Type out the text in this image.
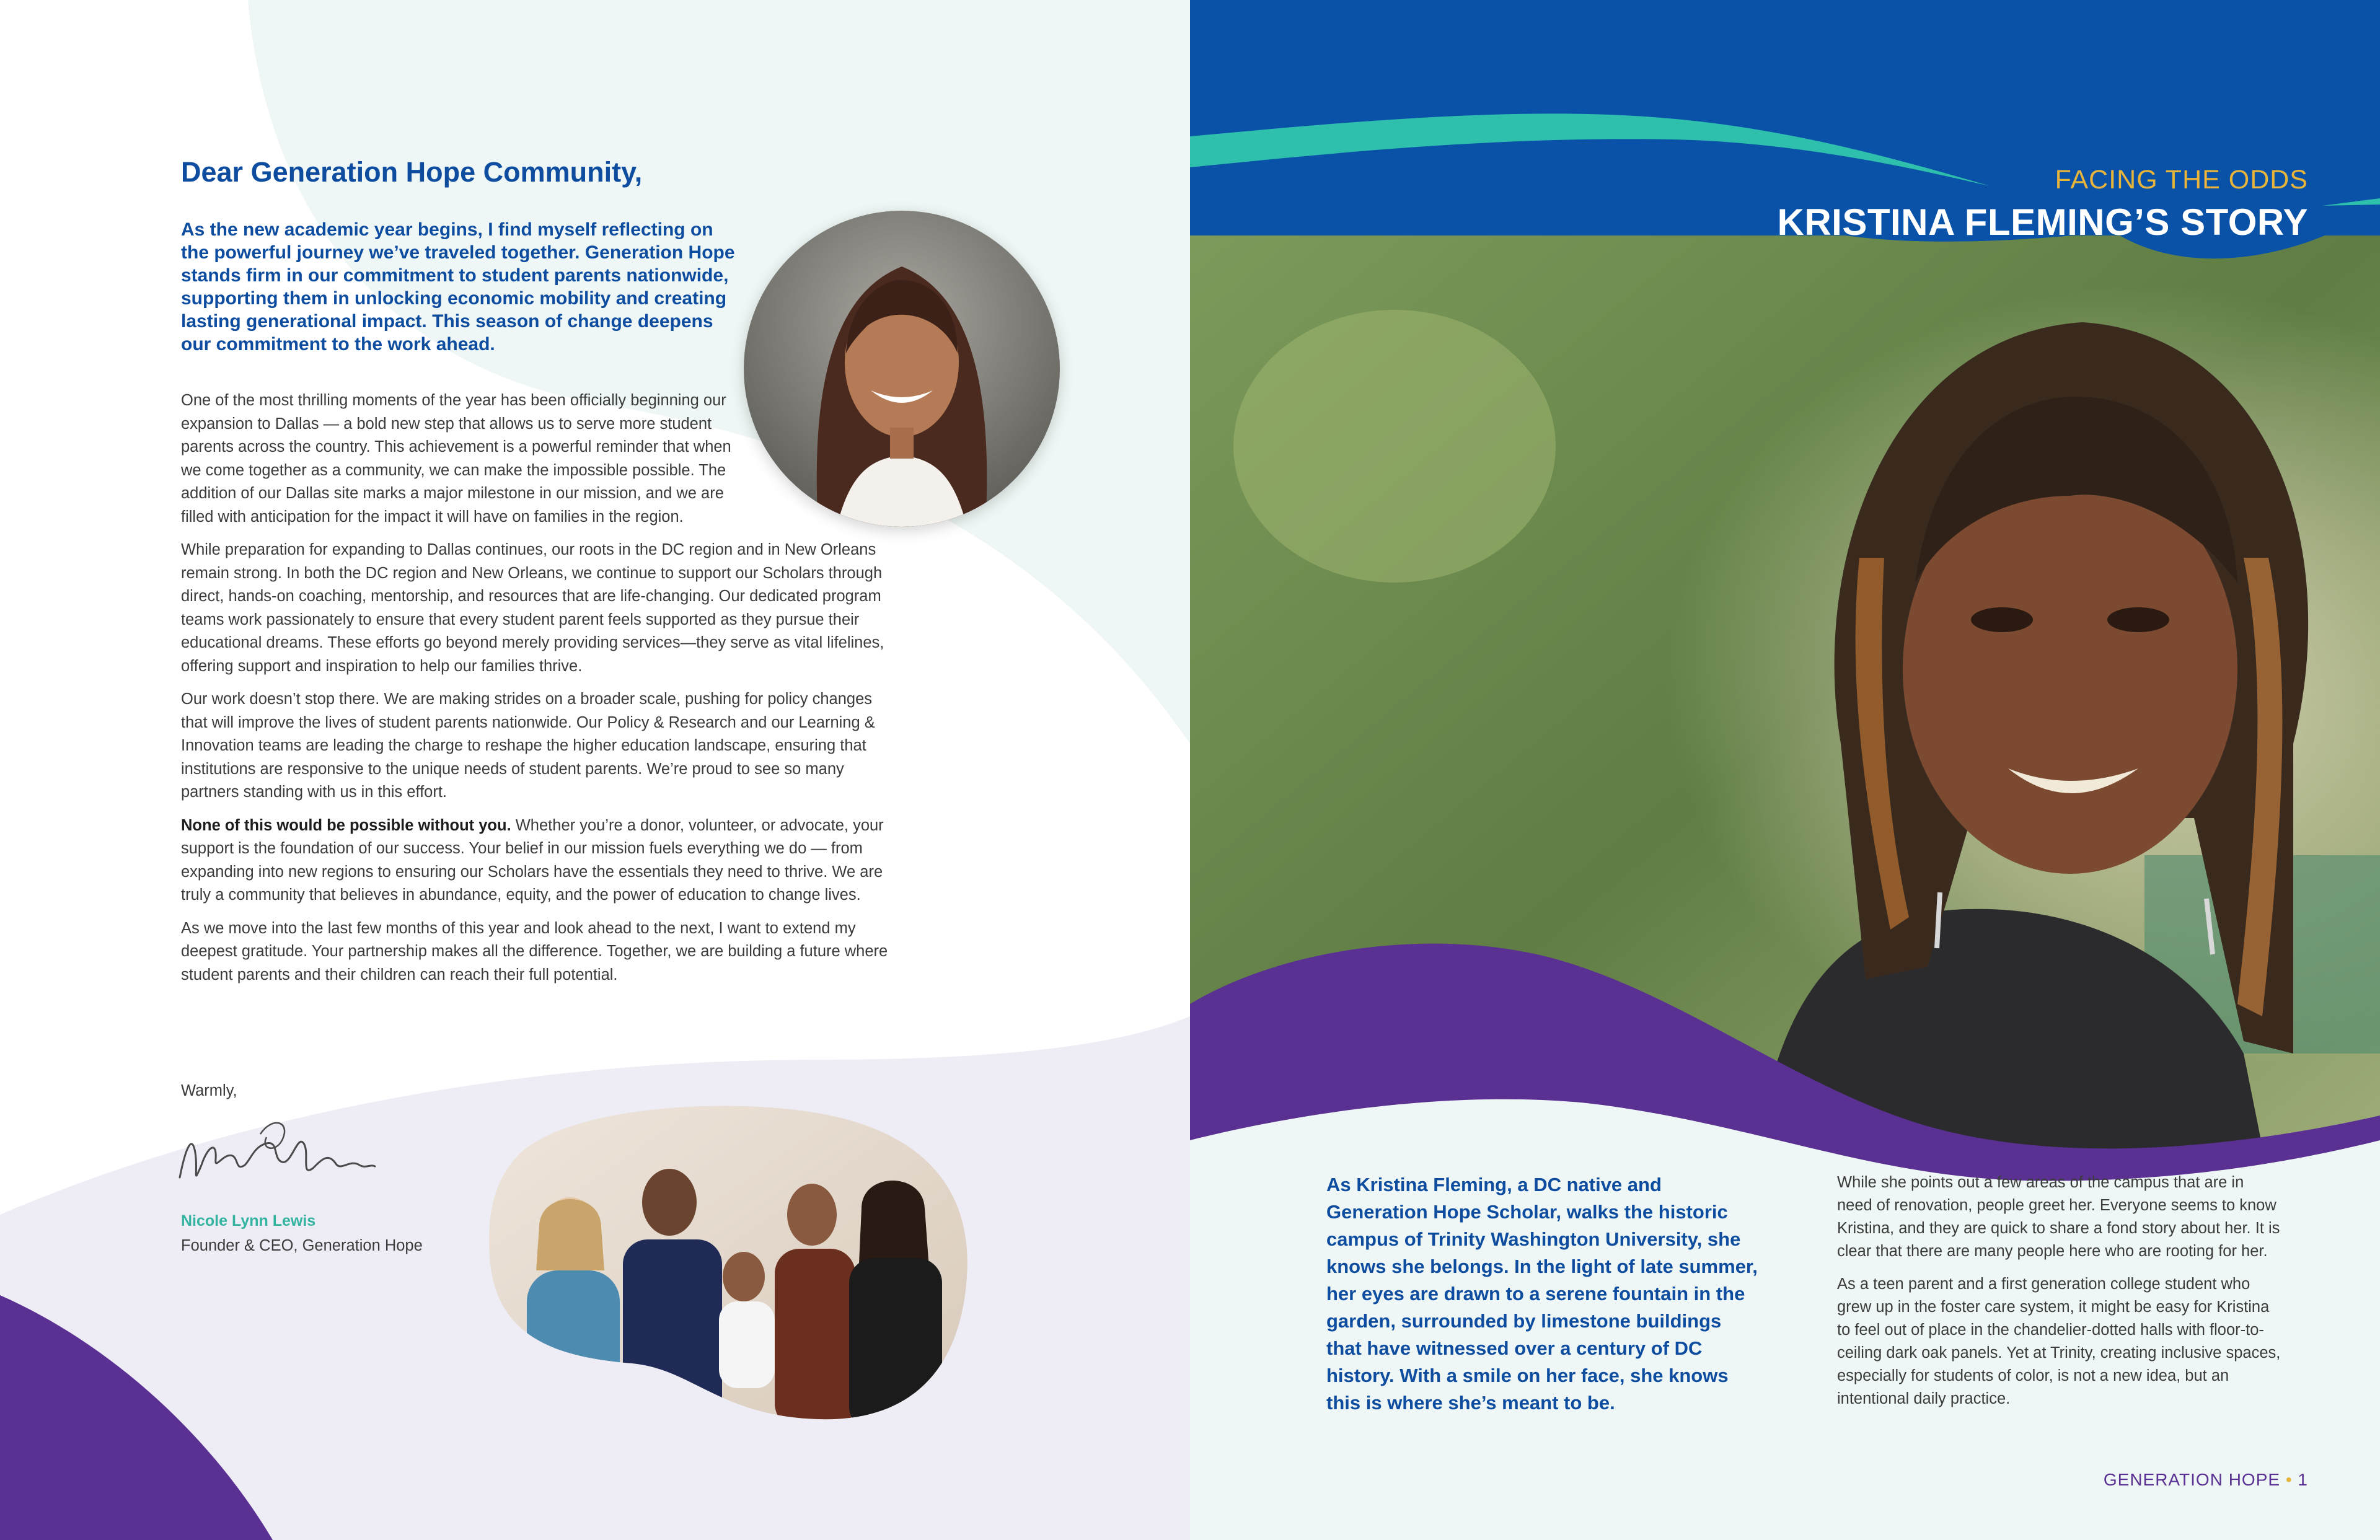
Dear Generation Hope Community,

As the new academic year begins, I find myself reflecting on the powerful journey we’ve traveled together. Generation Hope stands firm in our commitment to student parents nationwide, supporting them in unlocking economic mobility and creating lasting generational impact. This season of change deepens our commitment to the work ahead.

One of the most thrilling moments of the year has been officially beginning our expansion to Dallas — a bold new step that allows us to serve more student parents across the country. This achievement is a powerful reminder that when we come together as a community, we can make the impossible possible. The addition of our Dallas site marks a major milestone in our mission, and we are filled with anticipation for the impact it will have on families in the region.

While preparation for expanding to Dallas continues, our roots in the DC region and in New Orleans remain strong. In both the DC region and New Orleans, we continue to support our Scholars through direct, hands-on coaching, mentorship, and resources that are life-changing. Our dedicated program teams work passionately to ensure that every student parent feels supported as they pursue their educational dreams. These efforts go beyond merely providing services—they serve as vital lifelines, offering support and inspiration to help our families thrive.

Our work doesn’t stop there. We are making strides on a broader scale, pushing for policy changes that will improve the lives of student parents nationwide. Our Policy & Research and our Learning & Innovation teams are leading the charge to reshape the higher education landscape, ensuring that institutions are responsive to the unique needs of student parents. We’re proud to see so many partners standing with us in this effort.

None of this would be possible without you. Whether you’re a donor, volunteer, or advocate, your support is the foundation of our success. Your belief in our mission fuels everything we do — from expanding into new regions to ensuring our Scholars have the essentials they need to thrive. We are truly a community that believes in abundance, equity, and the power of education to change lives.

As we move into the last few months of this year and look ahead to the next, I want to extend my deepest gratitude. Your partnership makes all the difference. Together, we are building a future where student parents and their children can reach their full potential.

Warmly,

Nicole Lynn Lewis

Founder & CEO, Generation Hope

FACING THE ODDS

KRISTINA FLEMING’S STORY

As Kristina Fleming, a DC native and Generation Hope Scholar, walks the historic campus of Trinity Washington University, she knows she belongs. In the light of late summer, her eyes are drawn to a serene fountain in the garden, surrounded by limestone buildings that have witnessed over a century of DC history. With a smile on her face, she knows this is where she’s meant to be.

While she points out a few areas of the campus that are in need of renovation, people greet her. Everyone seems to know Kristina, and they are quick to share a fond story about her. It is clear that there are many people here who are rooting for her.

As a teen parent and a first generation college student who grew up in the foster care system, it might be easy for Kristina to feel out of place in the chandelier-dotted halls with floor-to-ceiling dark oak panels. Yet at Trinity, creating inclusive spaces, especially for students of color, is not a new idea, but an intentional daily practice.

GENERATION HOPE • 1
